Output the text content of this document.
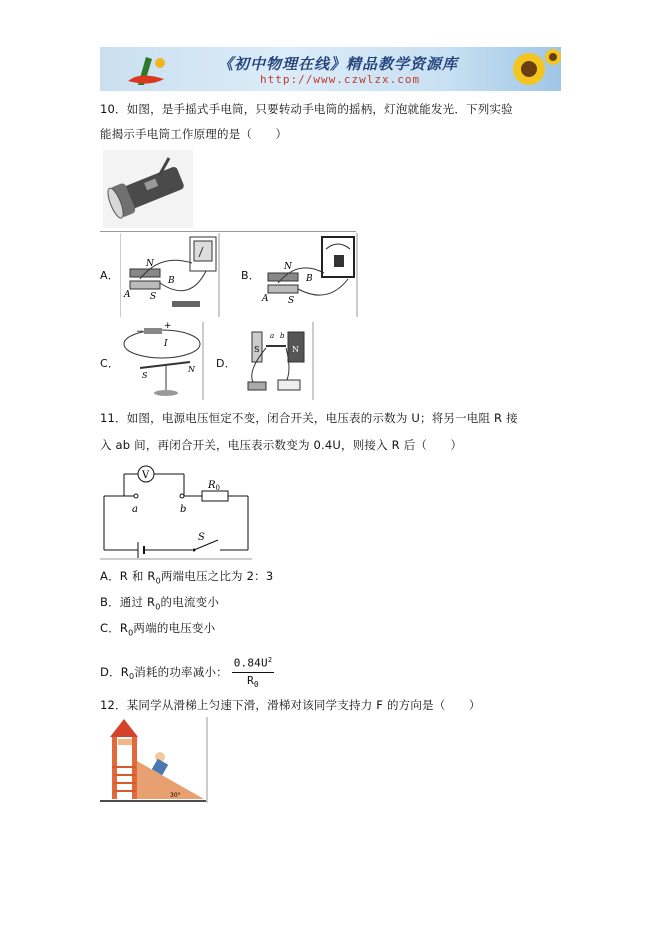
《初中物理在线》精品教学资源库
http://www.czwlzx.com
10．如图，是手摇式手电筒，只要转动手电筒的摇柄，灯泡就能发光．下列实验
能揭示手电筒工作原理的是（　　）
A．
N
S
B
A
B．
N
S
B
A
C．
−
+
I
S
N D．
S	N
a b
11．如图，电源电压恒定不变，闭合开关，电压表的示数为 U；将另一电阻 R 接
入 ab 间，再闭合开关，电压表示数变为 0.4U，则接入 R 后（　　）
V
a	b
$R_0$
S
A．R 和 $R_0$两端电压之比为 2：3
B．通过 $R_0$的电流变小
C．$R_0$两端的电压变小
D．$R_0$消耗的功率减小： $\frac{0.84U^2}{R_0}$
12．某同学从滑梯上匀速下滑，滑梯对该同学支持力 F 的方向是（　　）
30°
